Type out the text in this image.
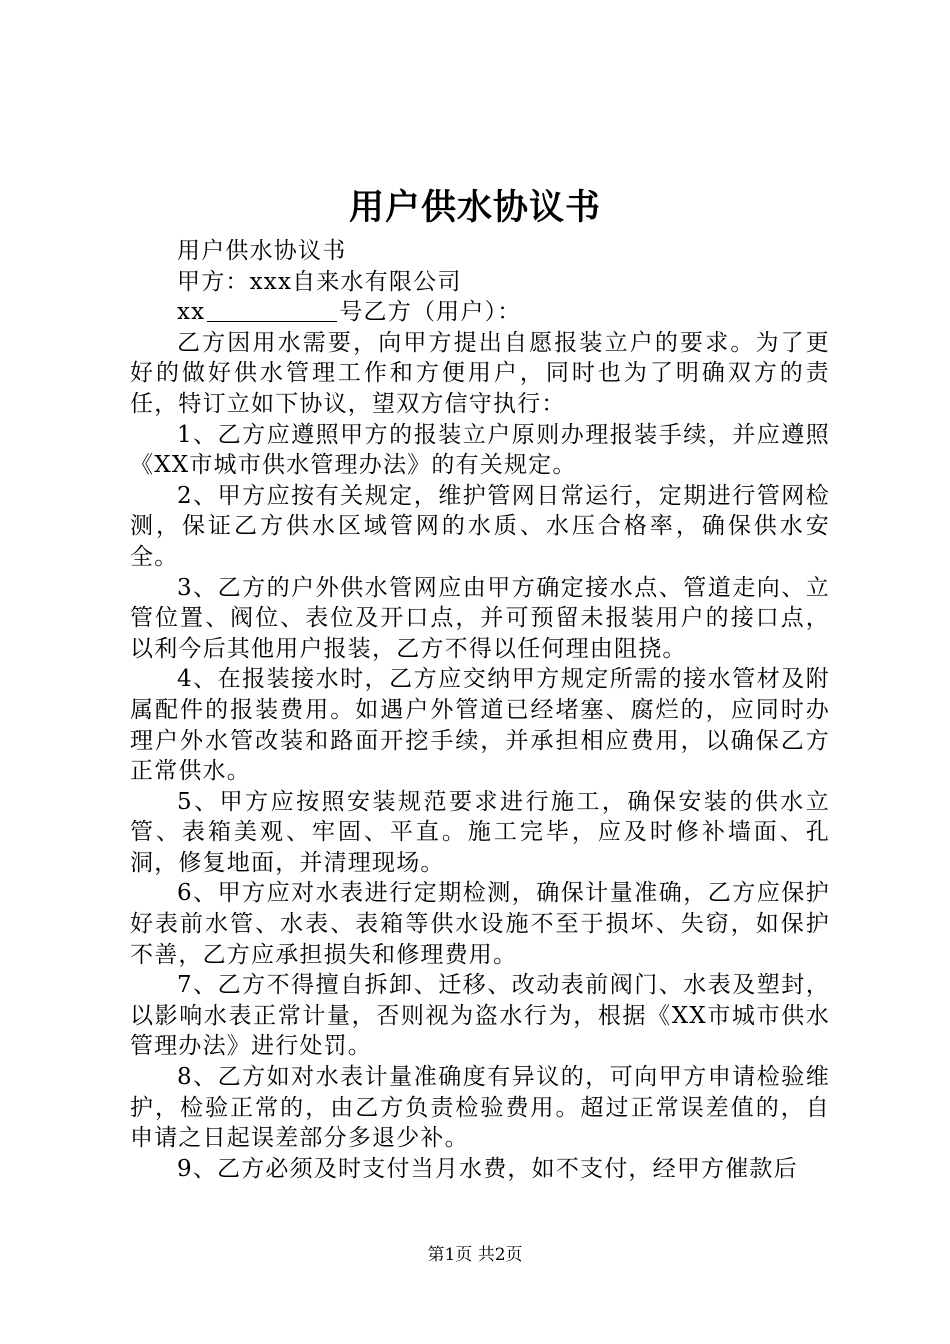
用户供水协议书

用户供水协议书

甲方：xxx自来水有限公司

xx	号乙方（用户）：

乙方因用水需要，向甲方提出自愿报装立户的要求。为了更好的做好供水管理工作和方便用户，同时也为了明确双方的责任，特订立如下协议，望双方信守执行：

1、乙方应遵照甲方的报装立户原则办理报装手续，并应遵照《XX市城市供水管理办法》的有关规定。

2、甲方应按有关规定，维护管网日常运行，定期进行管网检测，保证乙方供水区域管网的水质、水压合格率，确保供水安全。

3、乙方的户外供水管网应由甲方确定接水点、管道走向、立管位置、阀位、表位及开口点，并可预留未报装用户的接口点，以利今后其他用户报装，乙方不得以任何理由阻挠。

4、在报装接水时，乙方应交纳甲方规定所需的接水管材及附属配件的报装费用。如遇户外管道已经堵塞、腐烂的，应同时办理户外水管改装和路面开挖手续，并承担相应费用，以确保乙方正常供水。

5、甲方应按照安装规范要求进行施工，确保安装的供水立管、表箱美观、牢固、平直。施工完毕，应及时修补墙面、孔洞，修复地面，并清理现场。

6、甲方应对水表进行定期检测，确保计量准确，乙方应保护好表前水管、水表、表箱等供水设施不至于损坏、失窃，如保护不善，乙方应承担损失和修理费用。

7、乙方不得擅自拆卸、迁移、改动表前阀门、水表及塑封，以影响水表正常计量，否则视为盗水行为，根据《XX市城市供水管理办法》进行处罚。

8、乙方如对水表计量准确度有异议的，可向甲方申请检验维护，检验正常的，由乙方负责检验费用。超过正常误差值的，自申请之日起误差部分多退少补。

9、乙方必须及时支付当月水费，如不支付，经甲方催款后

第1页 共2页
